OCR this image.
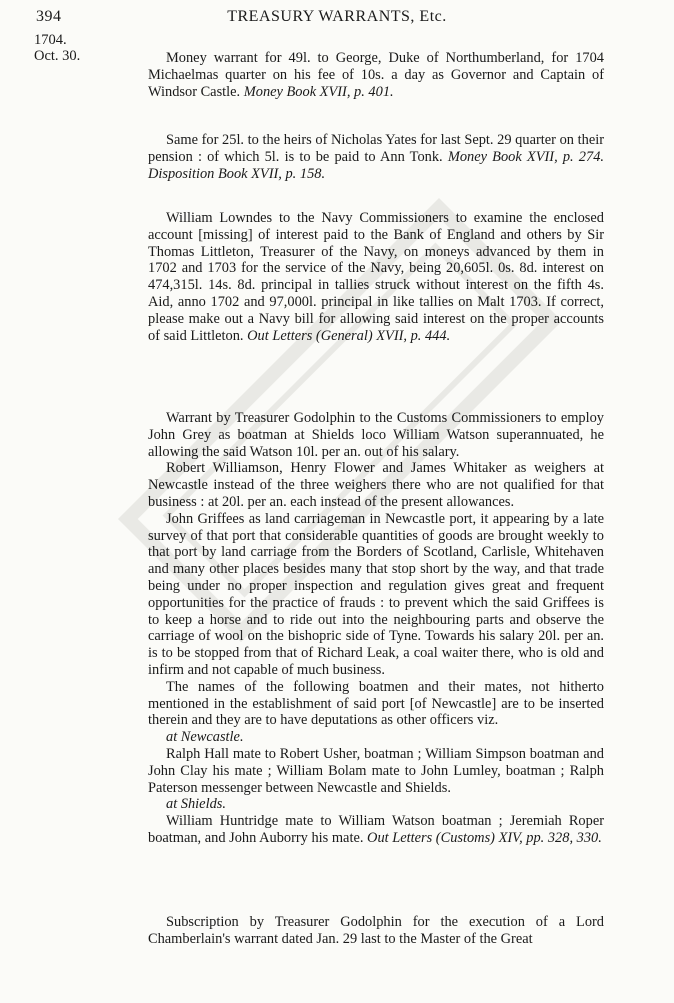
394	TREASURY WARRANTS, Etc.
1704.
Oct. 30.	Money warrant for 49l. to George, Duke of Northumberland, for 1704 Michaelmas quarter on his fee of 10s. a day as Governor and Captain of Windsor Castle. Money Book XVII, p. 401.

Same for 25l. to the heirs of Nicholas Yates for last Sept. 29 quarter on their pension : of which 5l. is to be paid to Ann Tonk. Money Book XVII, p. 274. Disposition Book XVII, p. 158.

William Lowndes to the Navy Commissioners to examine the enclosed account [missing] of interest paid to the Bank of England and others by Sir Thomas Littleton, Treasurer of the Navy, on moneys advanced by them in 1702 and 1703 for the service of the Navy, being 20,605l. 0s. 8d. interest on 474,315l. 14s. 8d. principal in tallies struck without interest on the fifth 4s. Aid, anno 1702 and 97,000l. principal in like tallies on Malt 1703. If correct, please make out a Navy bill for allowing said interest on the proper accounts of said Littleton. Out Letters (General) XVII, p. 444.

Warrant by Treasurer Godolphin to the Customs Commissioners to employ John Grey as boatman at Shields loco William Watson superannuated, he allowing the said Watson 10l. per an. out of his salary.

Robert Williamson, Henry Flower and James Whitaker as weighers at Newcastle instead of the three weighers there who are not qualified for that business : at 20l. per an. each instead of the present allowances.

John Griffees as land carriageman in Newcastle port, it appearing by a late survey of that port that considerable quantities of goods are brought weekly to that port by land carriage from the Borders of Scotland, Carlisle, Whitehaven and many other places besides many that stop short by the way, and that trade being under no proper inspection and regulation gives great and frequent opportunities for the practice of frauds : to prevent which the said Griffees is to keep a horse and to ride out into the neighbouring parts and observe the carriage of wool on the bishopric side of Tyne. Towards his salary 20l. per an. is to be stopped from that of Richard Leak, a coal waiter there, who is old and infirm and not capable of much business.

The names of the following boatmen and their mates, not hitherto mentioned in the establishment of said port [of Newcastle] are to be inserted therein and they are to have deputations as other officers viz.

at Newcastle.

Ralph Hall mate to Robert Usher, boatman ; William Simpson boatman and John Clay his mate ; William Bolam mate to John Lumley, boatman ; Ralph Paterson messenger between Newcastle and Shields.

at Shields.

William Huntridge mate to William Watson boatman ; Jeremiah Roper boatman, and John Auborry his mate. Out Letters (Customs) XIV, pp. 328, 330.

Subscription by Treasurer Godolphin for the execution of a Lord Chamberlain's warrant dated Jan. 29 last to the Master of the Great
